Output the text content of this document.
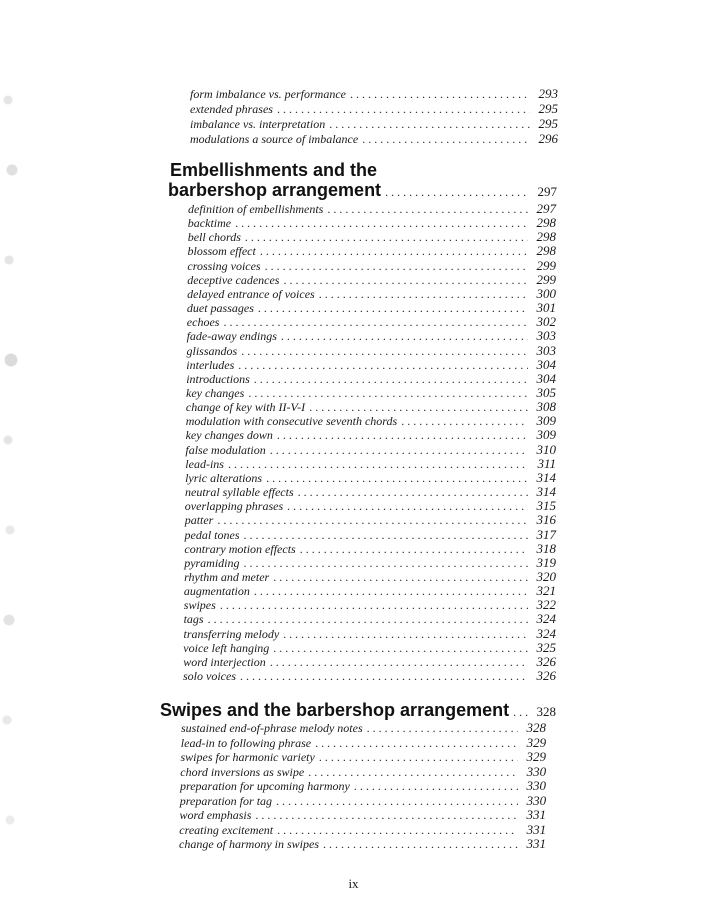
form imbalance vs. performance . . .	293
extended phrases . . .	295
imbalance vs. interpretation . . .	295
modulations a source of imbalance . . .	296
Embellishments and the
barbershop arrangement . . .	297
definition of embellishments . . .	297
backtime . . .	298
bell chords . . .	298
blossom effect . . .	298
crossing voices . . .	299
deceptive cadences . . .	299
delayed entrance of voices . . .	300
duet passages . . .	301
echoes . . .	302
fade-away endings . . .	303
glissandos . . .	303
interludes . . .	304
introductions . . .	304
key changes . . .	305
change of key with II-V-I . . .	308
modulation with consecutive seventh chords . . .	309
key changes down . . .	309
false modulation . . .	310
lead-ins . . .	311
lyric alterations . . .	314
neutral syllable effects . . .	314
overlapping phrases . . .	315
patter . . .	316
pedal tones . . .	317
contrary motion effects . . .	318
pyramiding . . .	319
rhythm and meter . . .	320
augmentation . . .	321
swipes . . .	322
tags . . .	324
transferring melody . . .	324
voice left hanging . . .	325
word interjection . . .	326
solo voices . . .	326
Swipes and the barbershop arrangement . . .	328
sustained end-of-phrase melody notes . . .	328
lead-in to following phrase . . .	329
swipes for harmonic variety . . .	329
chord inversions as swipe . . .	330
preparation for upcoming harmony . . .	330
preparation for tag . . .	330
word emphasis . . .	331
creating excitement . . .	331
change of harmony in swipes . . .	331
ix
